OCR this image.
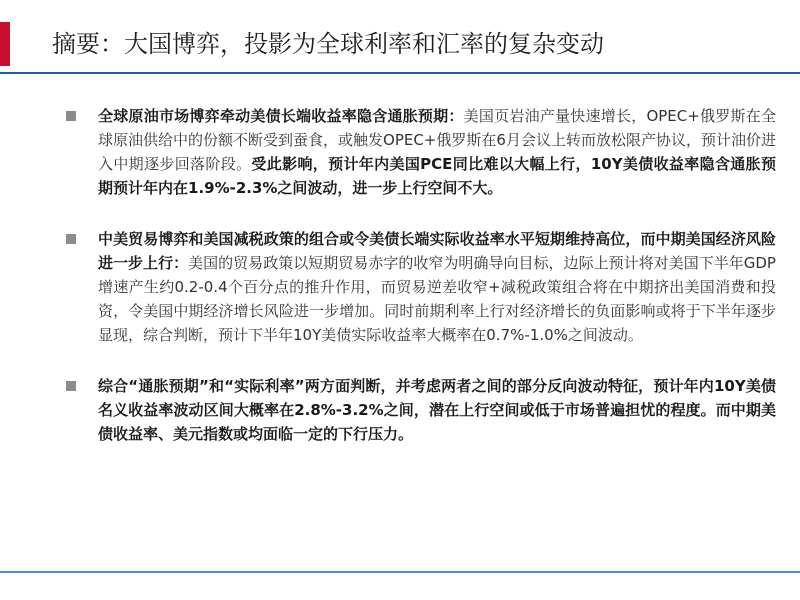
摘要：大国博弈，投影为全球利率和汇率的复杂变动
全球原油市场博弈牵动美债长端收益率隐含通胀预期：美国页岩油产量快速增长，OPEC+俄罗斯在全球原油供给中的份额不断受到蚕食，或触发OPEC+俄罗斯在6月会议上转而放松限产协议，预计油价进入中期逐步回落阶段。受此影响，预计年内美国PCE同比难以大幅上行，10Y美债收益率隐含通胀预期预计年内在1.9%-2.3%之间波动，进一步上行空间不大。
中美贸易博弈和美国减税政策的组合或令美债长端实际收益率水平短期维持高位，而中期美国经济风险进一步上行：美国的贸易政策以短期贸易赤字的收窄为明确导向目标，边际上预计将对美国下半年GDP增速产生约0.2-0.4个百分点的推升作用，而贸易逆差收窄+减税政策组合将在中期挤出美国消费和投资，令美国中期经济增长风险进一步增加。同时前期利率上行对经济增长的负面影响或将于下半年逐步显现，综合判断，预计下半年10Y美债实际收益率大概率在0.7%-1.0%之间波动。
综合“通胀预期”和“实际利率”两方面判断，并考虑两者之间的部分反向波动特征，预计年内10Y美债名义收益率波动区间大概率在2.8%-3.2%之间，潜在上行空间或低于市场普遍担忧的程度。而中期美债收益率、美元指数或均面临一定的下行压力。
